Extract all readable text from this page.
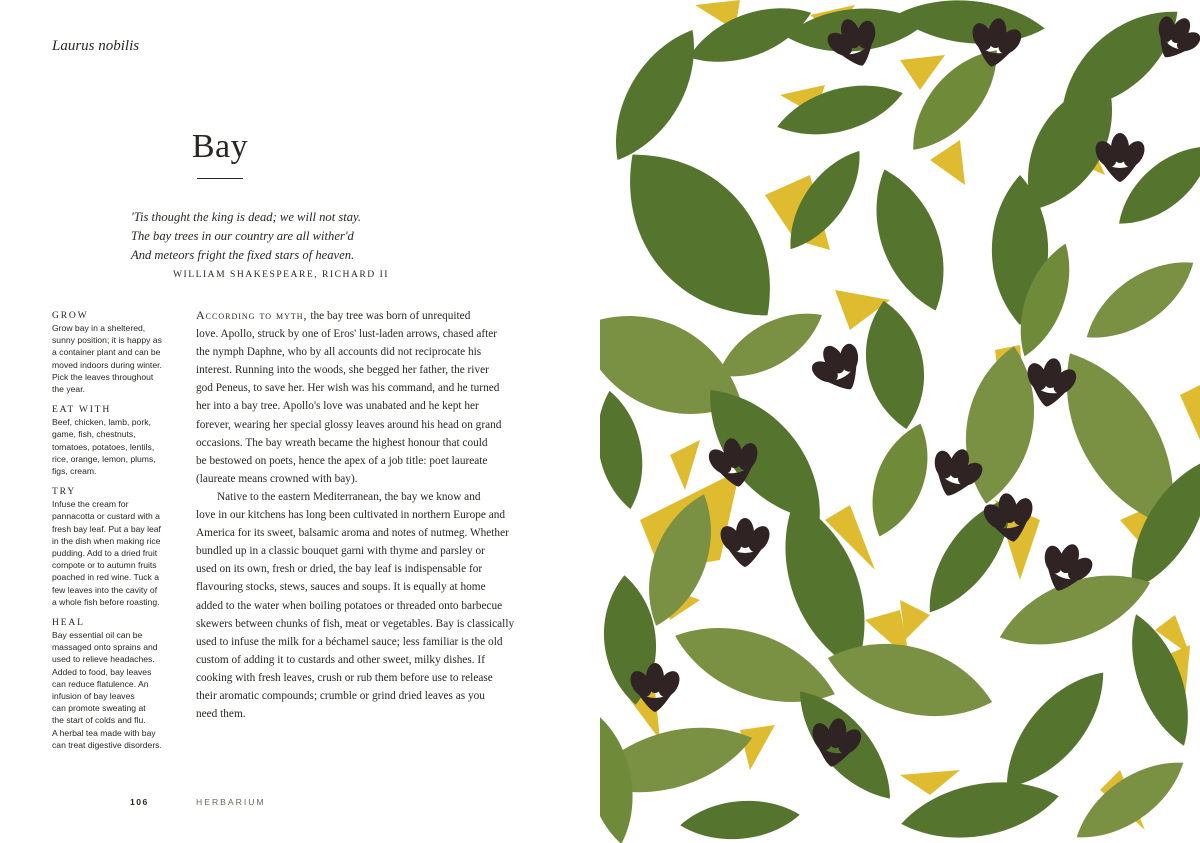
Laurus nobilis
Bay
'Tis thought the king is dead; we will not stay.
The bay trees in our country are all wither'd
And meteors fright the fixed stars of heaven.
WILLIAM SHAKESPEARE, RICHARD II
GROW
Grow bay in a sheltered,
sunny position; it is happy as
a container plant and can be
moved indoors during winter.
Pick the leaves throughout
the year.
EAT WITH
Beef, chicken, lamb, pork,
game, fish, chestnuts,
tomatoes, potatoes, lentils,
rice, orange, lemon, plums,
figs, cream.
TRY
Infuse the cream for
pannacotta or custard with a
fresh bay leaf. Put a bay leaf
in the dish when making rice
pudding. Add to a dried fruit
compote or to autumn fruits
poached in red wine. Tuck a
few leaves into the cavity of
a whole fish before roasting.
HEAL
Bay essential oil can be
massaged onto sprains and
used to relieve headaches.
Added to food, bay leaves
can reduce flatulence. An
infusion of bay leaves
can promote sweating at
the start of colds and flu.
A herbal tea made with bay
can treat digestive disorders.
According to myth, the bay tree was born of unrequited
love. Apollo, struck by one of Eros' lust-laden arrows, chased after
the nymph Daphne, who by all accounts did not reciprocate his
interest. Running into the woods, she begged her father, the river
god Peneus, to save her. Her wish was his command, and he turned
her into a bay tree. Apollo's love was unabated and he kept her
forever, wearing her special glossy leaves around his head on grand
occasions. The bay wreath became the highest honour that could
be bestowed on poets, hence the apex of a job title: poet laureate
(laureate means crowned with bay).
Native to the eastern Mediterranean, the bay we know and
love in our kitchens has long been cultivated in northern Europe and
America for its sweet, balsamic aroma and notes of nutmeg. Whether
bundled up in a classic bouquet garni with thyme and parsley or
used on its own, fresh or dried, the bay leaf is indispensable for
flavouring stocks, stews, sauces and soups. It is equally at home
added to the water when boiling potatoes or threaded onto barbecue
skewers between chunks of fish, meat or vegetables. Bay is classically
used to infuse the milk for a béchamel sauce; less familiar is the old
custom of adding it to custards and other sweet, milky dishes. If
cooking with fresh leaves, crush or rub them before use to release
their aromatic compounds; crumble or grind dried leaves as you
need them.
106	HERBARIUM
